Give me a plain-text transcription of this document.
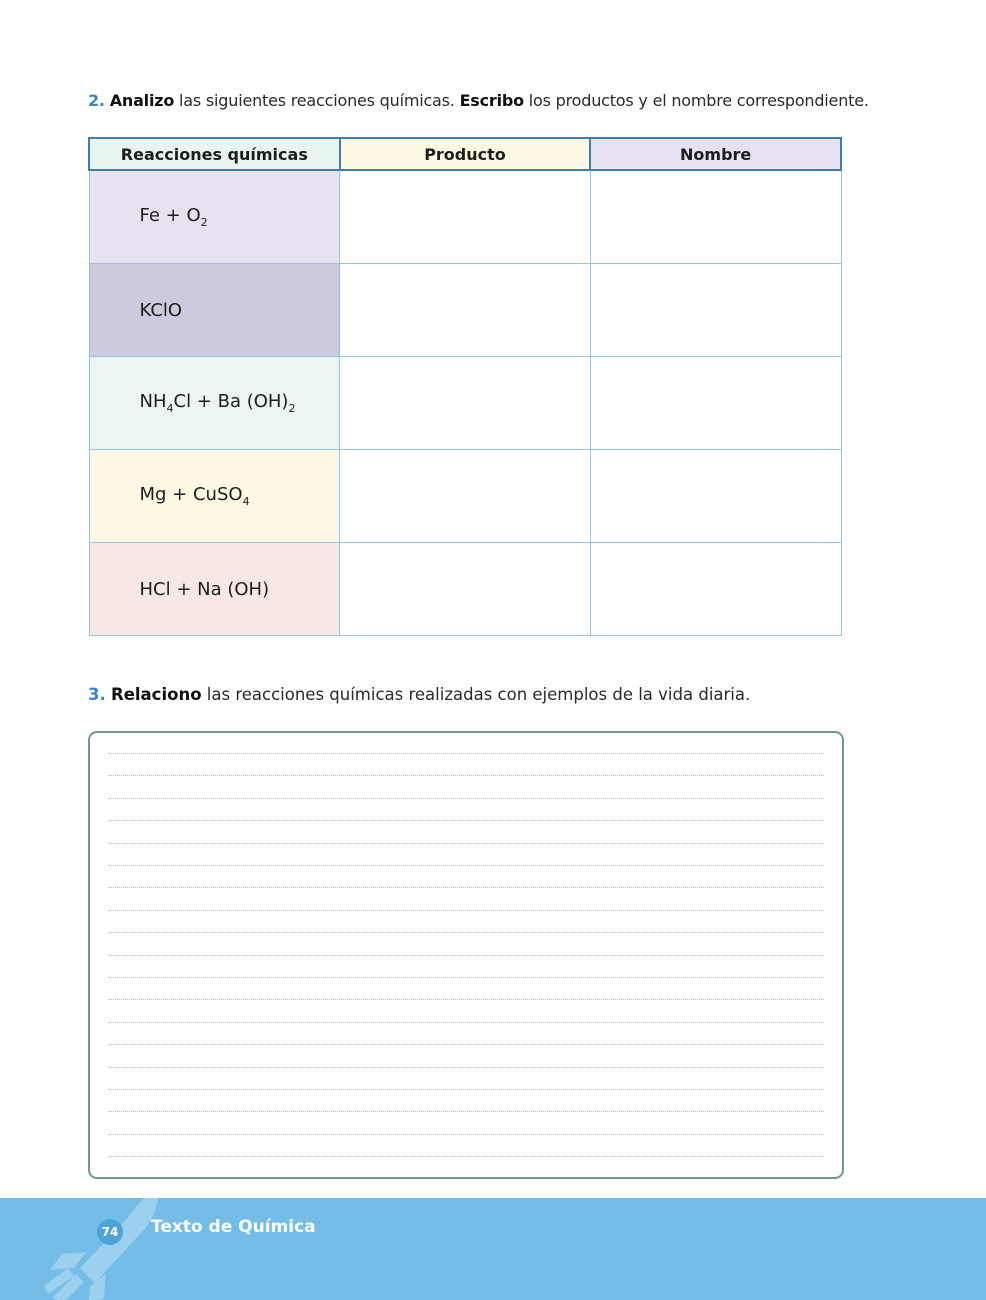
2. Analizo las siguientes reacciones químicas. Escribo los productos y el nombre correspondiente.
Reacciones químicas	Producto	Nombre
$Fe + O_2$		
KClO		
$NH_4Cl + Ba$ $(OH)_2$		
Mg + CuSO$_4$		
HCl + Na (OH)		
3. Relaciono las reacciones químicas realizadas con ejemplos de la vida diaria.
74 Texto de Química
